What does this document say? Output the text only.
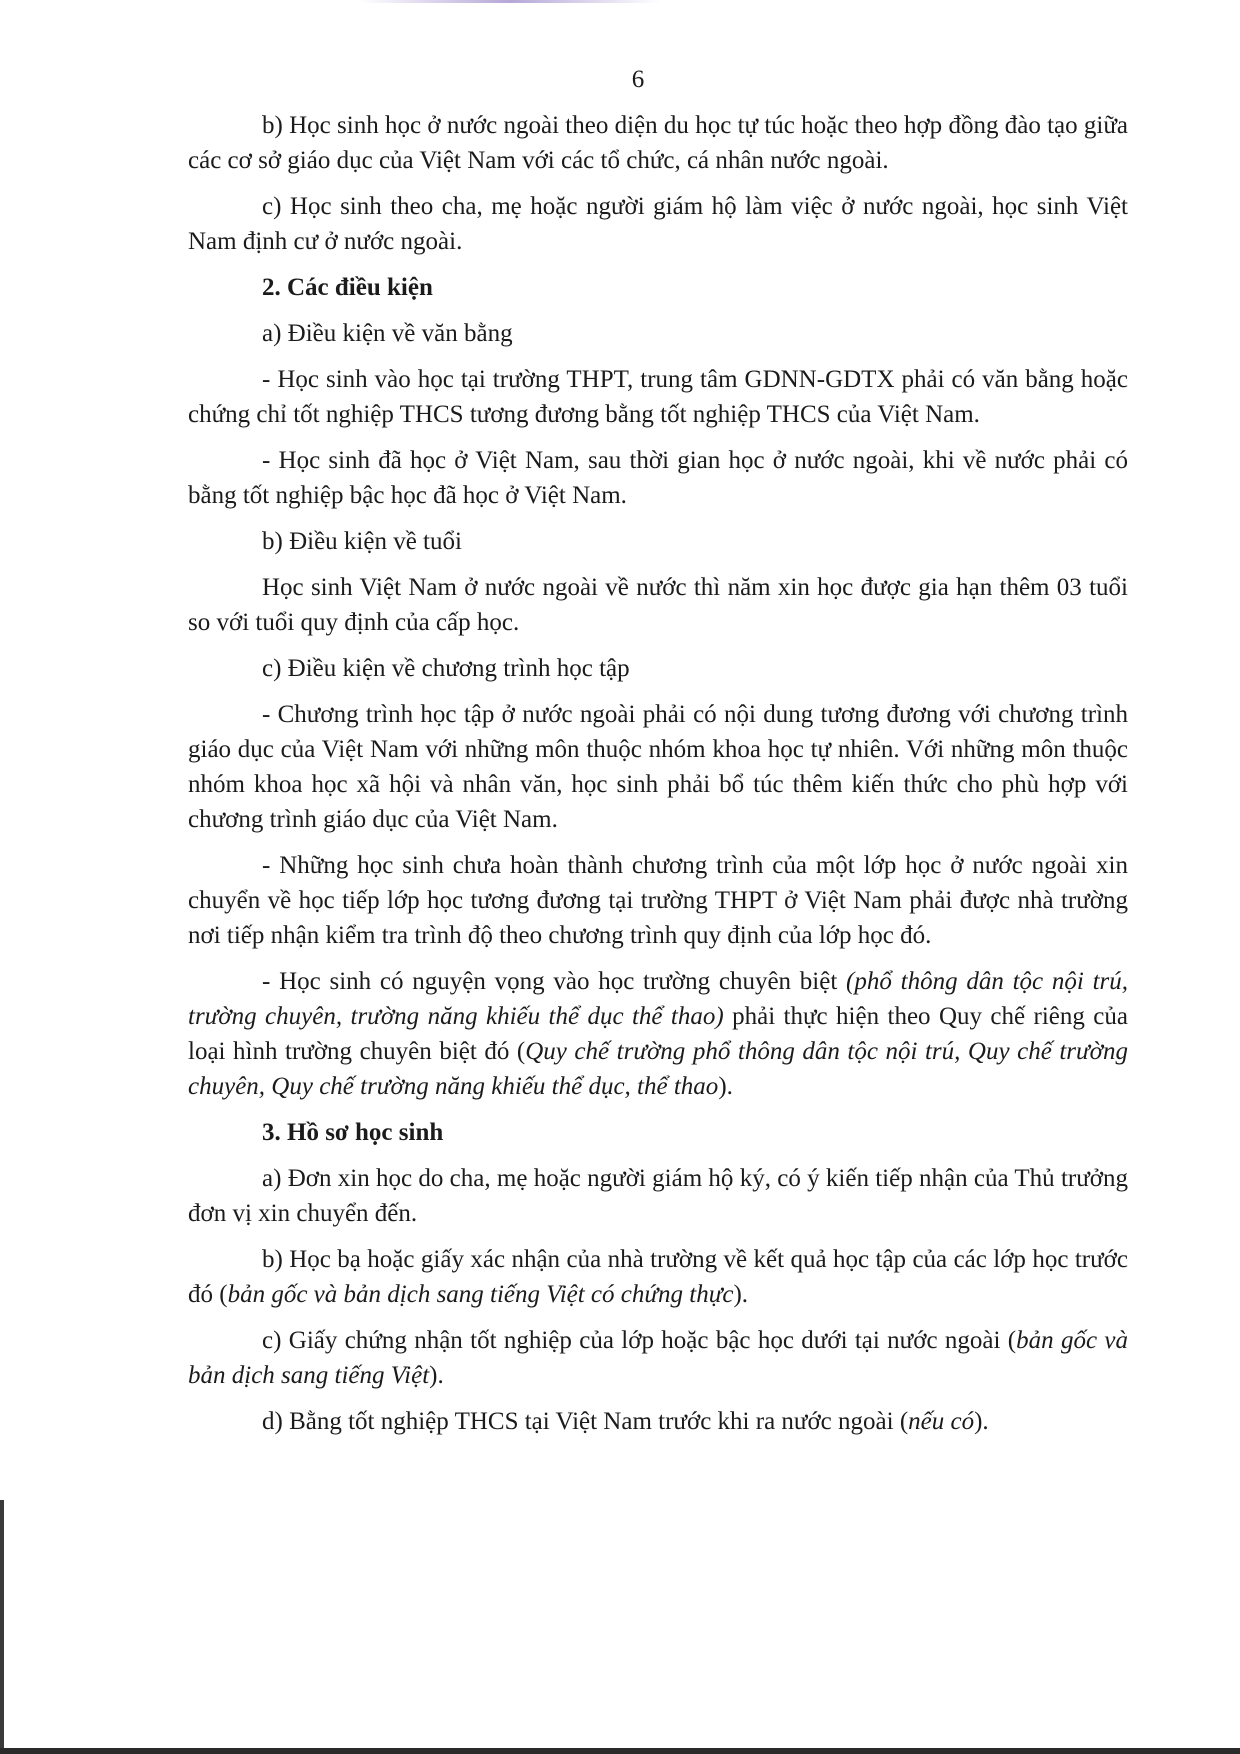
6

b) Học sinh học ở nước ngoài theo diện du học tự túc hoặc theo hợp đồng đào tạo giữa các cơ sở giáo dục của Việt Nam với các tổ chức, cá nhân nước ngoài.

c) Học sinh theo cha, mẹ hoặc người giám hộ làm việc ở nước ngoài, học sinh Việt Nam định cư ở nước ngoài.

2. Các điều kiện

a) Điều kiện về văn bằng

- Học sinh vào học tại trường THPT, trung tâm GDNN-GDTX phải có văn bằng hoặc chứng chỉ tốt nghiệp THCS tương đương bằng tốt nghiệp THCS của Việt Nam.

- Học sinh đã học ở Việt Nam, sau thời gian học ở nước ngoài, khi về nước phải có bằng tốt nghiệp bậc học đã học ở Việt Nam.

b) Điều kiện về tuổi

Học sinh Việt Nam ở nước ngoài về nước thì năm xin học được gia hạn thêm 03 tuổi so với tuổi quy định của cấp học.

c) Điều kiện về chương trình học tập

- Chương trình học tập ở nước ngoài phải có nội dung tương đương với chương trình giáo dục của Việt Nam với những môn thuộc nhóm khoa học tự nhiên. Với những môn thuộc nhóm khoa học xã hội và nhân văn, học sinh phải bổ túc thêm kiến thức cho phù hợp với chương trình giáo dục của Việt Nam.

- Những học sinh chưa hoàn thành chương trình của một lớp học ở nước ngoài xin chuyển về học tiếp lớp học tương đương tại trường THPT ở Việt Nam phải được nhà trường nơi tiếp nhận kiểm tra trình độ theo chương trình quy định của lớp học đó.

- Học sinh có nguyện vọng vào học trường chuyên biệt (phổ thông dân tộc nội trú, trường chuyên, trường năng khiếu thể dục thể thao) phải thực hiện theo Quy chế riêng của loại hình trường chuyên biệt đó (Quy chế trường phổ thông dân tộc nội trú, Quy chế trường chuyên, Quy chế trường năng khiếu thể dục, thể thao).

3. Hồ sơ học sinh

a) Đơn xin học do cha, mẹ hoặc người giám hộ ký, có ý kiến tiếp nhận của Thủ trưởng đơn vị xin chuyển đến.

b) Học bạ hoặc giấy xác nhận của nhà trường về kết quả học tập của các lớp học trước đó (bản gốc và bản dịch sang tiếng Việt có chứng thực).

c) Giấy chứng nhận tốt nghiệp của lớp hoặc bậc học dưới tại nước ngoài (bản gốc và bản dịch sang tiếng Việt).

d) Bằng tốt nghiệp THCS tại Việt Nam trước khi ra nước ngoài (nếu có).
